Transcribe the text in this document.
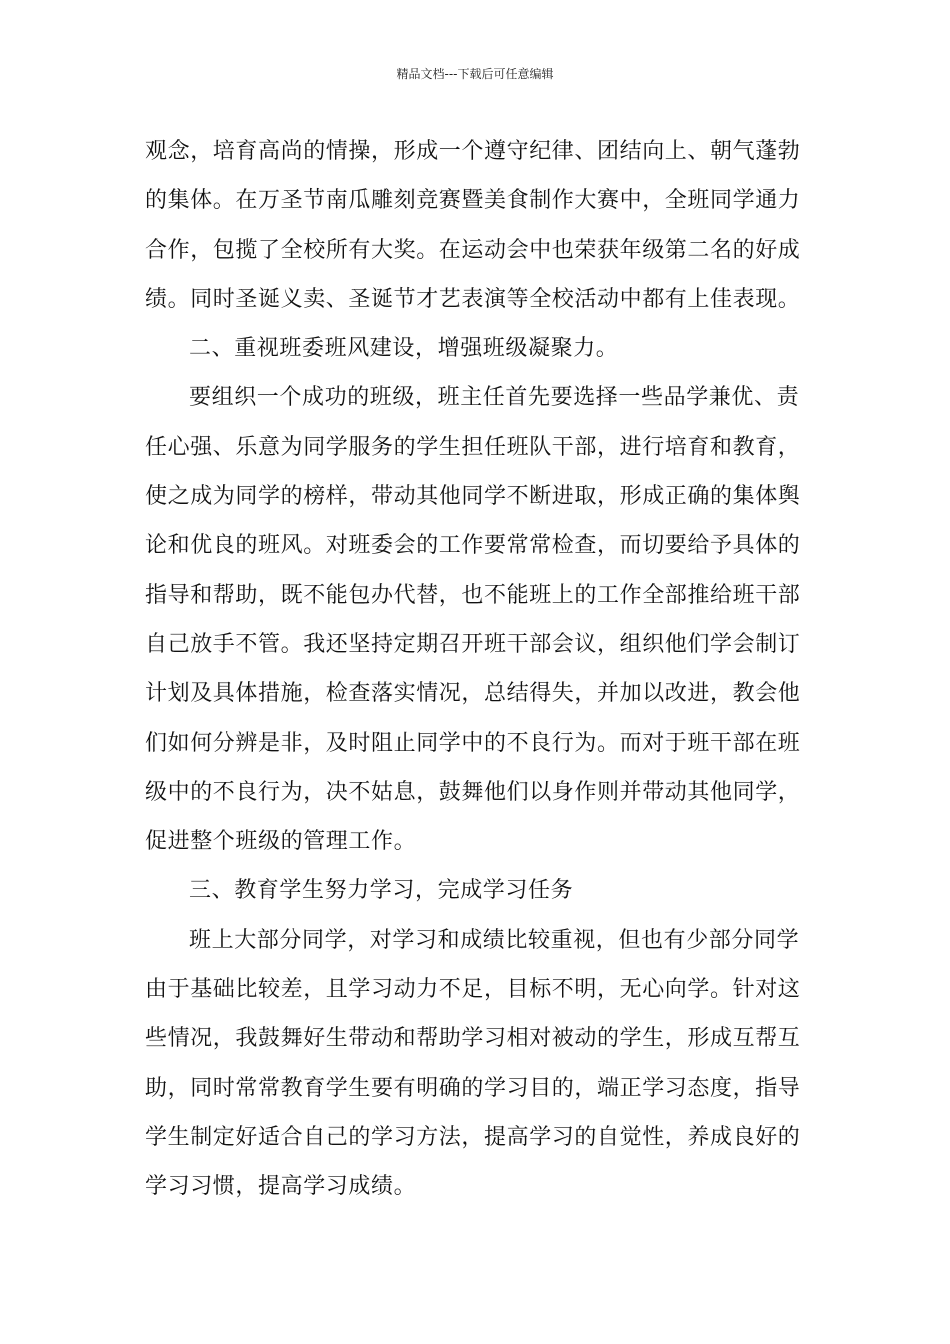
精品文档---下载后可任意编辑
观念，培育高尚的情操，形成一个遵守纪律、团结向上、朝气蓬勃
的集体。在万圣节南瓜雕刻竞赛暨美食制作大赛中，全班同学通力
合作，包揽了全校所有大奖。在运动会中也荣获年级第二名的好成
绩。同时圣诞义卖、圣诞节才艺表演等全校活动中都有上佳表现。
二、重视班委班风建设，增强班级凝聚力。
要组织一个成功的班级，班主任首先要选择一些品学兼优、责
任心强、乐意为同学服务的学生担任班队干部，进行培育和教育，
使之成为同学的榜样，带动其他同学不断进取，形成正确的集体舆
论和优良的班风。对班委会的工作要常常检查，而切要给予具体的
指导和帮助，既不能包办代替，也不能班上的工作全部推给班干部
自己放手不管。我还坚持定期召开班干部会议，组织他们学会制订
计划及具体措施，检查落实情况，总结得失，并加以改进，教会他
们如何分辨是非，及时阻止同学中的不良行为。而对于班干部在班
级中的不良行为，决不姑息，鼓舞他们以身作则并带动其他同学，
促进整个班级的管理工作。
三、教育学生努力学习，完成学习任务
班上大部分同学，对学习和成绩比较重视，但也有少部分同学
由于基础比较差，且学习动力不足，目标不明，无心向学。针对这
些情况，我鼓舞好生带动和帮助学习相对被动的学生，形成互帮互
助，同时常常教育学生要有明确的学习目的，端正学习态度，指导
学生制定好适合自己的学习方法，提高学习的自觉性，养成良好的
学习习惯，提高学习成绩。
